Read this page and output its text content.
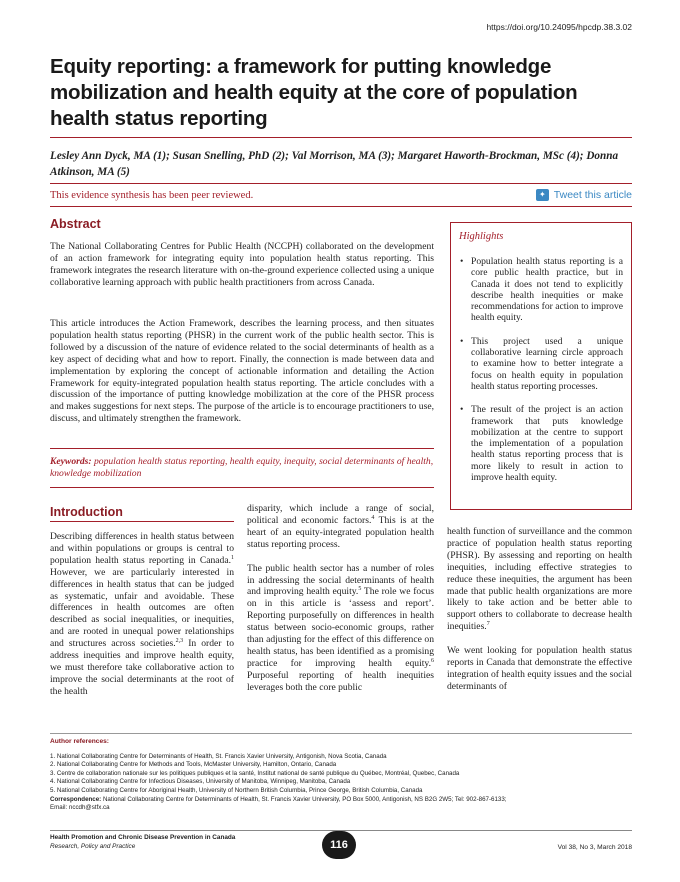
https://doi.org/10.24095/hpcdp.38.3.02
Equity reporting: a framework for putting knowledge mobilization and health equity at the core of population health status reporting
Lesley Ann Dyck, MA (1); Susan Snelling, PhD (2); Val Morrison, MA (3); Margaret Haworth-Brockman, MSc (4); Donna Atkinson, MA (5)
This evidence synthesis has been peer reviewed.	✦ Tweet this article
Abstract

The National Collaborating Centres for Public Health (NCCPH) collaborated on the development of an action framework for integrating equity into population health status reporting. This framework integrates the research literature with on-the-ground experience collected using a unique collaborative learning approach with public health practitioners from across Canada.

This article introduces the Action Framework, describes the learning process, and then situates population health status reporting (PHSR) in the current work of the public health sector. This is followed by a discussion of the nature of evidence related to the social determinants of health as a key aspect of deciding what and how to report. Finally, the connection is made between data and implementation by exploring the concept of actionable information and detailing the Action Framework for equity-integrated population health status reporting. The article concludes with a discussion of the importance of putting knowledge mobilization at the core of the PHSR process and makes suggestions for next steps. The purpose of the article is to encourage practitioners to use, discuss, and ultimately strengthen the framework.

Keywords: population health status reporting, health equity, inequity, social determinants of health, knowledge mobilization

Highlights
• Population health status reporting is a core public health practice, but in Canada it does not tend to explicitly describe health inequities or make recommendations for action to improve health equity.
• This project used a unique collaborative learning circle approach to examine how to better integrate a focus on health equity in population health status reporting processes.
• The result of the project is an action framework that puts knowledge mobilization at the centre to support the implementation of a population health status reporting process that is more likely to result in action to improve health equity.
Introduction

Describing differences in health status between and within populations or groups is central to population health status reporting in Canada.$^1$ However, we are particularly interested in differences in health status that can be judged as systematic, unfair and avoidable. These differences in health outcomes are often described as social inequalities, or inequities, and are rooted in unequal power relationships and structures across societies.$^{2,3}$ In order to address inequities and improve health equity, we must therefore take collaborative action to improve the social determinants at the root of the health

disparity, which include a range of social, political and economic factors.$^4$ This is at the heart of an equity-integrated population health status reporting process.

The public health sector has a number of roles in addressing the social determinants of health and improving health equity.$^5$ The role we focus on in this article is ‘assess and report’. Reporting purposefully on differences in health status between socio-economic groups, rather than adjusting for the effect of this difference on health status, has been identified as a promising practice for improving health equity.$^6$ Purposeful reporting of health inequities leverages both the core public

health function of surveillance and the common practice of population health status reporting (PHSR). By assessing and reporting on health inequities, including effective strategies to reduce these inequities, the argument has been made that public health organizations are more likely to take action and be better able to support others to collaborate to decrease health inequities.$^7$

We went looking for population health status reports in Canada that demonstrate the effective integration of health equity issues and the social determinants of

Author references:
1. National Collaborating Centre for Determinants of Health, St. Francis Xavier University, Antigonish, Nova Scotia, Canada
2. National Collaborating Centre for Methods and Tools, McMaster University, Hamilton, Ontario, Canada
3. Centre de collaboration nationale sur les politiques publiques et la santé, Institut national de santé publique du Québec, Montréal, Quebec, Canada
4. National Collaborating Centre for Infectious Diseases, University of Manitoba, Winnipeg, Manitoba, Canada
5. National Collaborating Centre for Aboriginal Health, University of Northern British Columbia, Prince George, British Columbia, Canada
Correspondence: National Collaborating Centre for Determinants of Health, St. Francis Xavier University, PO Box 5000, Antigonish, NS B2G 2W5; Tel: 902-867-6133;
Email: nccdh@stfx.ca
Health Promotion and Chronic Disease Prevention in Canada
Research, Policy and Practice	116	Vol 38, No 3, March 2018
